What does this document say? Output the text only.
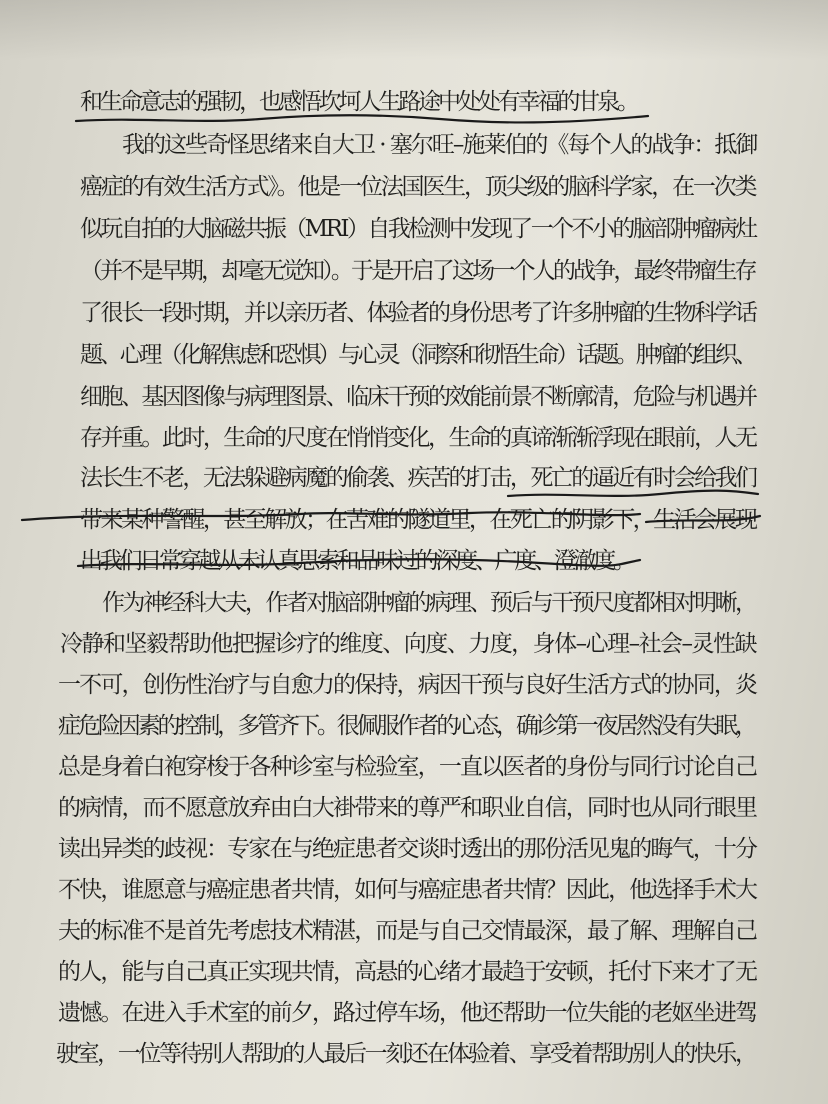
和生命意志的强韧，也感悟坎坷人生路途中处处有幸福的甘泉。
我的这些奇怪思绪来自大卫 · 塞尔旺–施莱伯的《每个人的战争：抵御
癌症的有效生活方式》。他是一位法国医生，顶尖级的脑科学家，在一次类
似玩自拍的大脑磁共振（MRI）自我检测中发现了一个不小的脑部肿瘤病灶
（并不是早期，却毫无觉知）。于是开启了这场一个人的战争，最终带瘤生存
了很长一段时期，并以亲历者、体验者的身份思考了许多肿瘤的生物科学话
题、心理（化解焦虑和恐惧）与心灵（洞察和彻悟生命）话题。肿瘤的组织、
细胞、基因图像与病理图景、临床干预的效能前景不断廓清，危险与机遇并
存并重。此时，生命的尺度在悄悄变化，生命的真谛渐渐浮现在眼前，人无
法长生不老，无法躲避病魔的偷袭、疾苦的打击，死亡的逼近有时会给我们
带来某种警醒，甚至解放；在苦难的隧道里，在死亡的阴影下，生活会展现
出我们日常穿越从未认真思索和品味过的深度、广度、澄澈度。
作为神经科大夫，作者对脑部肿瘤的病理、预后与干预尺度都相对明晰，
冷静和坚毅帮助他把握诊疗的维度、向度、力度，身体–心理–社会–灵性缺
一不可，创伤性治疗与自愈力的保持，病因干预与良好生活方式的协同，炎
症危险因素的控制，多管齐下。很佩服作者的心态，确诊第一夜居然没有失眠，
总是身着白袍穿梭于各种诊室与检验室，一直以医者的身份与同行讨论自己
的病情，而不愿意放弃由白大褂带来的尊严和职业自信，同时也从同行眼里
读出异类的歧视：专家在与绝症患者交谈时透出的那份活见鬼的晦气，十分
不快，谁愿意与癌症患者共情，如何与癌症患者共情？因此，他选择手术大
夫的标准不是首先考虑技术精湛，而是与自己交情最深，最了解、理解自己
的人，能与自己真正实现共情，高悬的心绪才最趋于安顿，托付下来才了无
遗憾。在进入手术室的前夕，路过停车场，他还帮助一位失能的老妪坐进驾
驶室，一位等待别人帮助的人最后一刻还在体验着、享受着帮助别人的快乐，
